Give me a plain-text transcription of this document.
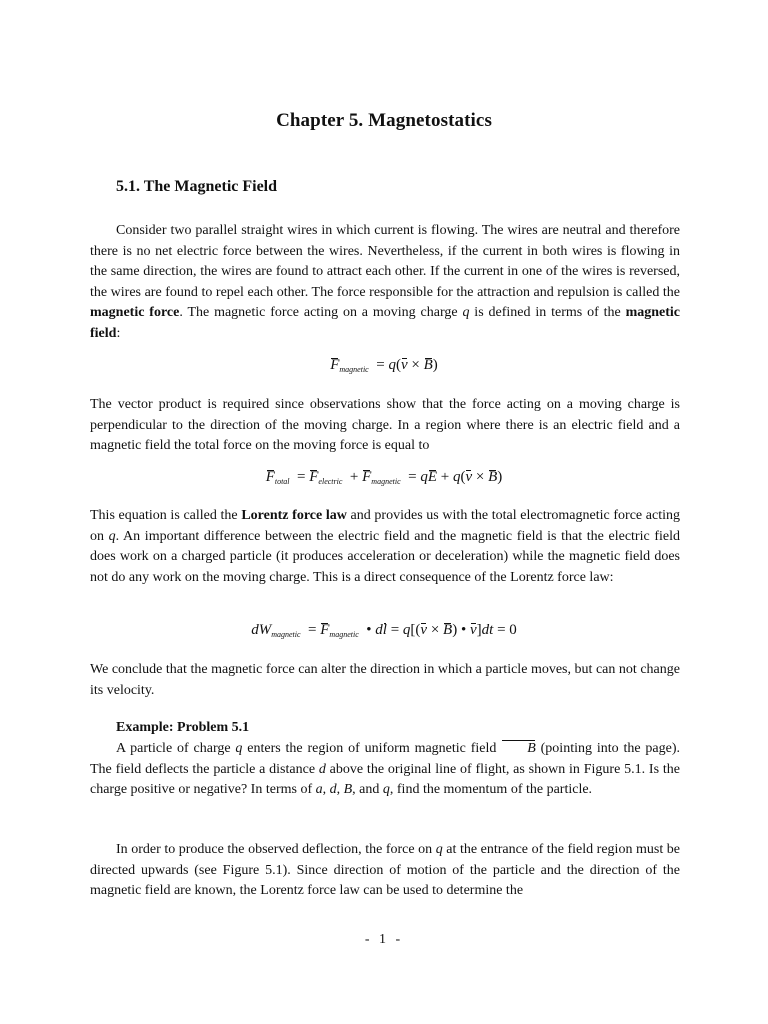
Chapter 5. Magnetostatics
5.1. The Magnetic Field

Consider two parallel straight wires in which current is flowing. The wires are neutral and therefore there is no net electric force between the wires. Nevertheless, if the current in both wires is flowing in the same direction, the wires are found to attract each other. If the current in one of the wires is reversed, the wires are found to repel each other. The force responsible for the attraction and repulsion is called the magnetic force. The magnetic force acting on a moving charge q is defined in terms of the magnetic field:

$F_{magnetic} = q(v \times B)$

The vector product is required since observations show that the force acting on a moving charge is perpendicular to the direction of the moving charge. In a region where there is an electric field and a magnetic field the total force on the moving force is equal to

$F_{total} = F_{electric} + F_{magnetic}$  = qE + q(v × B)

This equation is called the Lorentz force law and provides us with the total electromagnetic force acting on q. An important difference between the electric field and the magnetic field is that the electric field does work on a charged particle (it produces acceleration or deceleration) while the magnetic field does not do any work on the moving charge. This is a direct consequence of the Lorentz force law:

$dW_{magnetic} = F_{magnetic}$  • dl = q[(v × B) • v]dt = 0

We conclude that the magnetic force can alter the direction in which a particle moves, but can not change its velocity.

Example: Problem 5.1

A particle of charge q enters the region of uniform magnetic field B (pointing into the page). The field deflects the particle a distance d above the original line of flight, as shown in Figure 5.1. Is the charge positive or negative? In terms of a, d, B, and q, find the momentum of the particle.

In order to produce the observed deflection, the force on q at the entrance of the field region must be directed upwards (see Figure 5.1). Since direction of motion of the particle and the direction of the magnetic field are known, the Lorentz force law can be used to determine the

- 1 -
